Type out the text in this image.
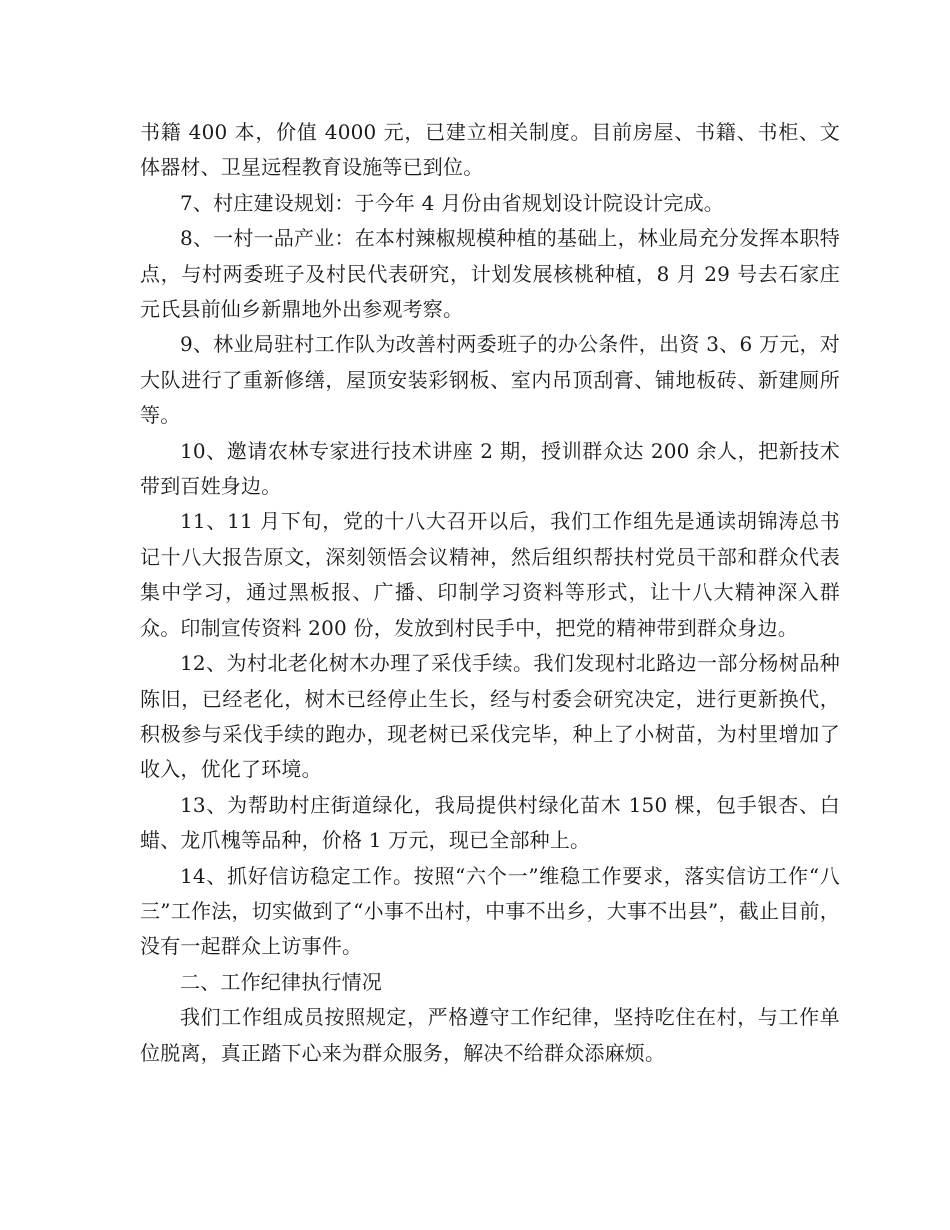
书籍 400 本，价值 4000 元，已建立相关制度。目前房屋、书籍、书柜、文体器材、卫星远程教育设施等已到位。

7、村庄建设规划：于今年 4 月份由省规划设计院设计完成。

8、一村一品产业：在本村辣椒规模种植的基础上，林业局充分发挥本职特点，与村两委班子及村民代表研究，计划发展核桃种植，8 月 29 号去石家庄元氏县前仙乡新鼎地外出参观考察。

9、林业局驻村工作队为改善村两委班子的办公条件，出资 3、6 万元，对大队进行了重新修缮，屋顶安装彩钢板、室内吊顶刮膏、铺地板砖、新建厕所等。

10、邀请农林专家进行技术讲座 2 期，授训群众达 200 余人，把新技术带到百姓身边。

11、11 月下旬，党的十八大召开以后，我们工作组先是通读胡锦涛总书记十八大报告原文，深刻领悟会议精神，然后组织帮扶村党员干部和群众代表集中学习，通过黑板报、广播、印制学习资料等形式，让十八大精神深入群众。印制宣传资料 200 份，发放到村民手中，把党的精神带到群众身边。

12、为村北老化树木办理了采伐手续。我们发现村北路边一部分杨树品种陈旧，已经老化，树木已经停止生长，经与村委会研究决定，进行更新换代，积极参与采伐手续的跑办，现老树已采伐完毕，种上了小树苗，为村里增加了收入，优化了环境。

13、为帮助村庄街道绿化，我局提供村绿化苗木 150 棵，包手银杏、白蜡、龙爪槐等品种，价格 1 万元，现已全部种上。

14、抓好信访稳定工作。按照“六个一”维稳工作要求，落实信访工作“八三”工作法，切实做到了“小事不出村，中事不出乡，大事不出县”，截止目前，没有一起群众上访事件。

二、工作纪律执行情况

我们工作组成员按照规定，严格遵守工作纪律，坚持吃住在村，与工作单位脱离，真正踏下心来为群众服务，解决不给群众添麻烦。
